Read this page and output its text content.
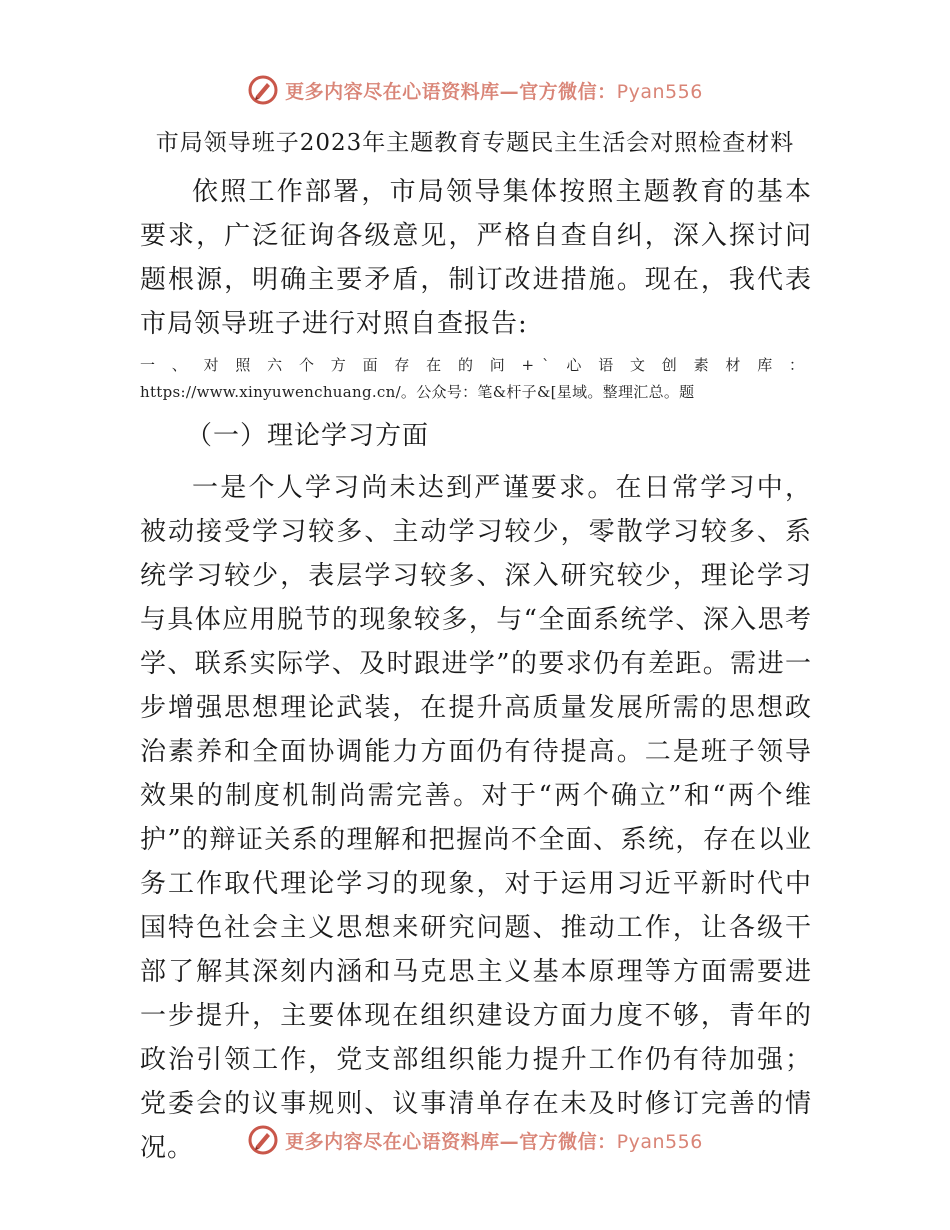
更多内容尽在心语资料库—官方微信：Pyan556
市局领导班子2023年主题教育专题民主生活会对照检查材料

依照工作部署，市局领导集体按照主题教育的基本要求，广泛征询各级意见，严格自查自纠，深入探讨问题根源，明确主要矛盾，制订改进措施。现在，我代表市局领导班子进行对照自查报告:

一、对照六个方面存在的问+`心语文创素材库：https://www.xinyuwenchuang.cn/。公众号：笔&杆子&[星域。整理汇总。题

（一）理论学习方面

一是个人学习尚未达到严谨要求。在日常学习中，被动接受学习较多、主动学习较少，零散学习较多、系统学习较少，表层学习较多、深入研究较少，理论学习与具体应用脱节的现象较多，与“全面系统学、深入思考学、联系实际学、及时跟进学”的要求仍有差距。需进一步增强思想理论武装，在提升高质量发展所需的思想政治素养和全面协调能力方面仍有待提高。二是班子领导效果的制度机制尚需完善。对于“两个确立”和“两个维护”的辩证关系的理解和把握尚不全面、系统，存在以业务工作取代理论学习的现象，对于运用习近平新时代中国特色社会主义思想来研究问题、推动工作，让各级干部了解其深刻内涵和马克思主义基本原理等方面需要进一步提升，主要体现在组织建设方面力度不够，青年的政治引领工作，党支部组织能力提升工作仍有待加强；党委会的议事规则、议事清单存在未及时修订完善的情况。	更多内容尽在心语资料库—官方微信：Pyan556
